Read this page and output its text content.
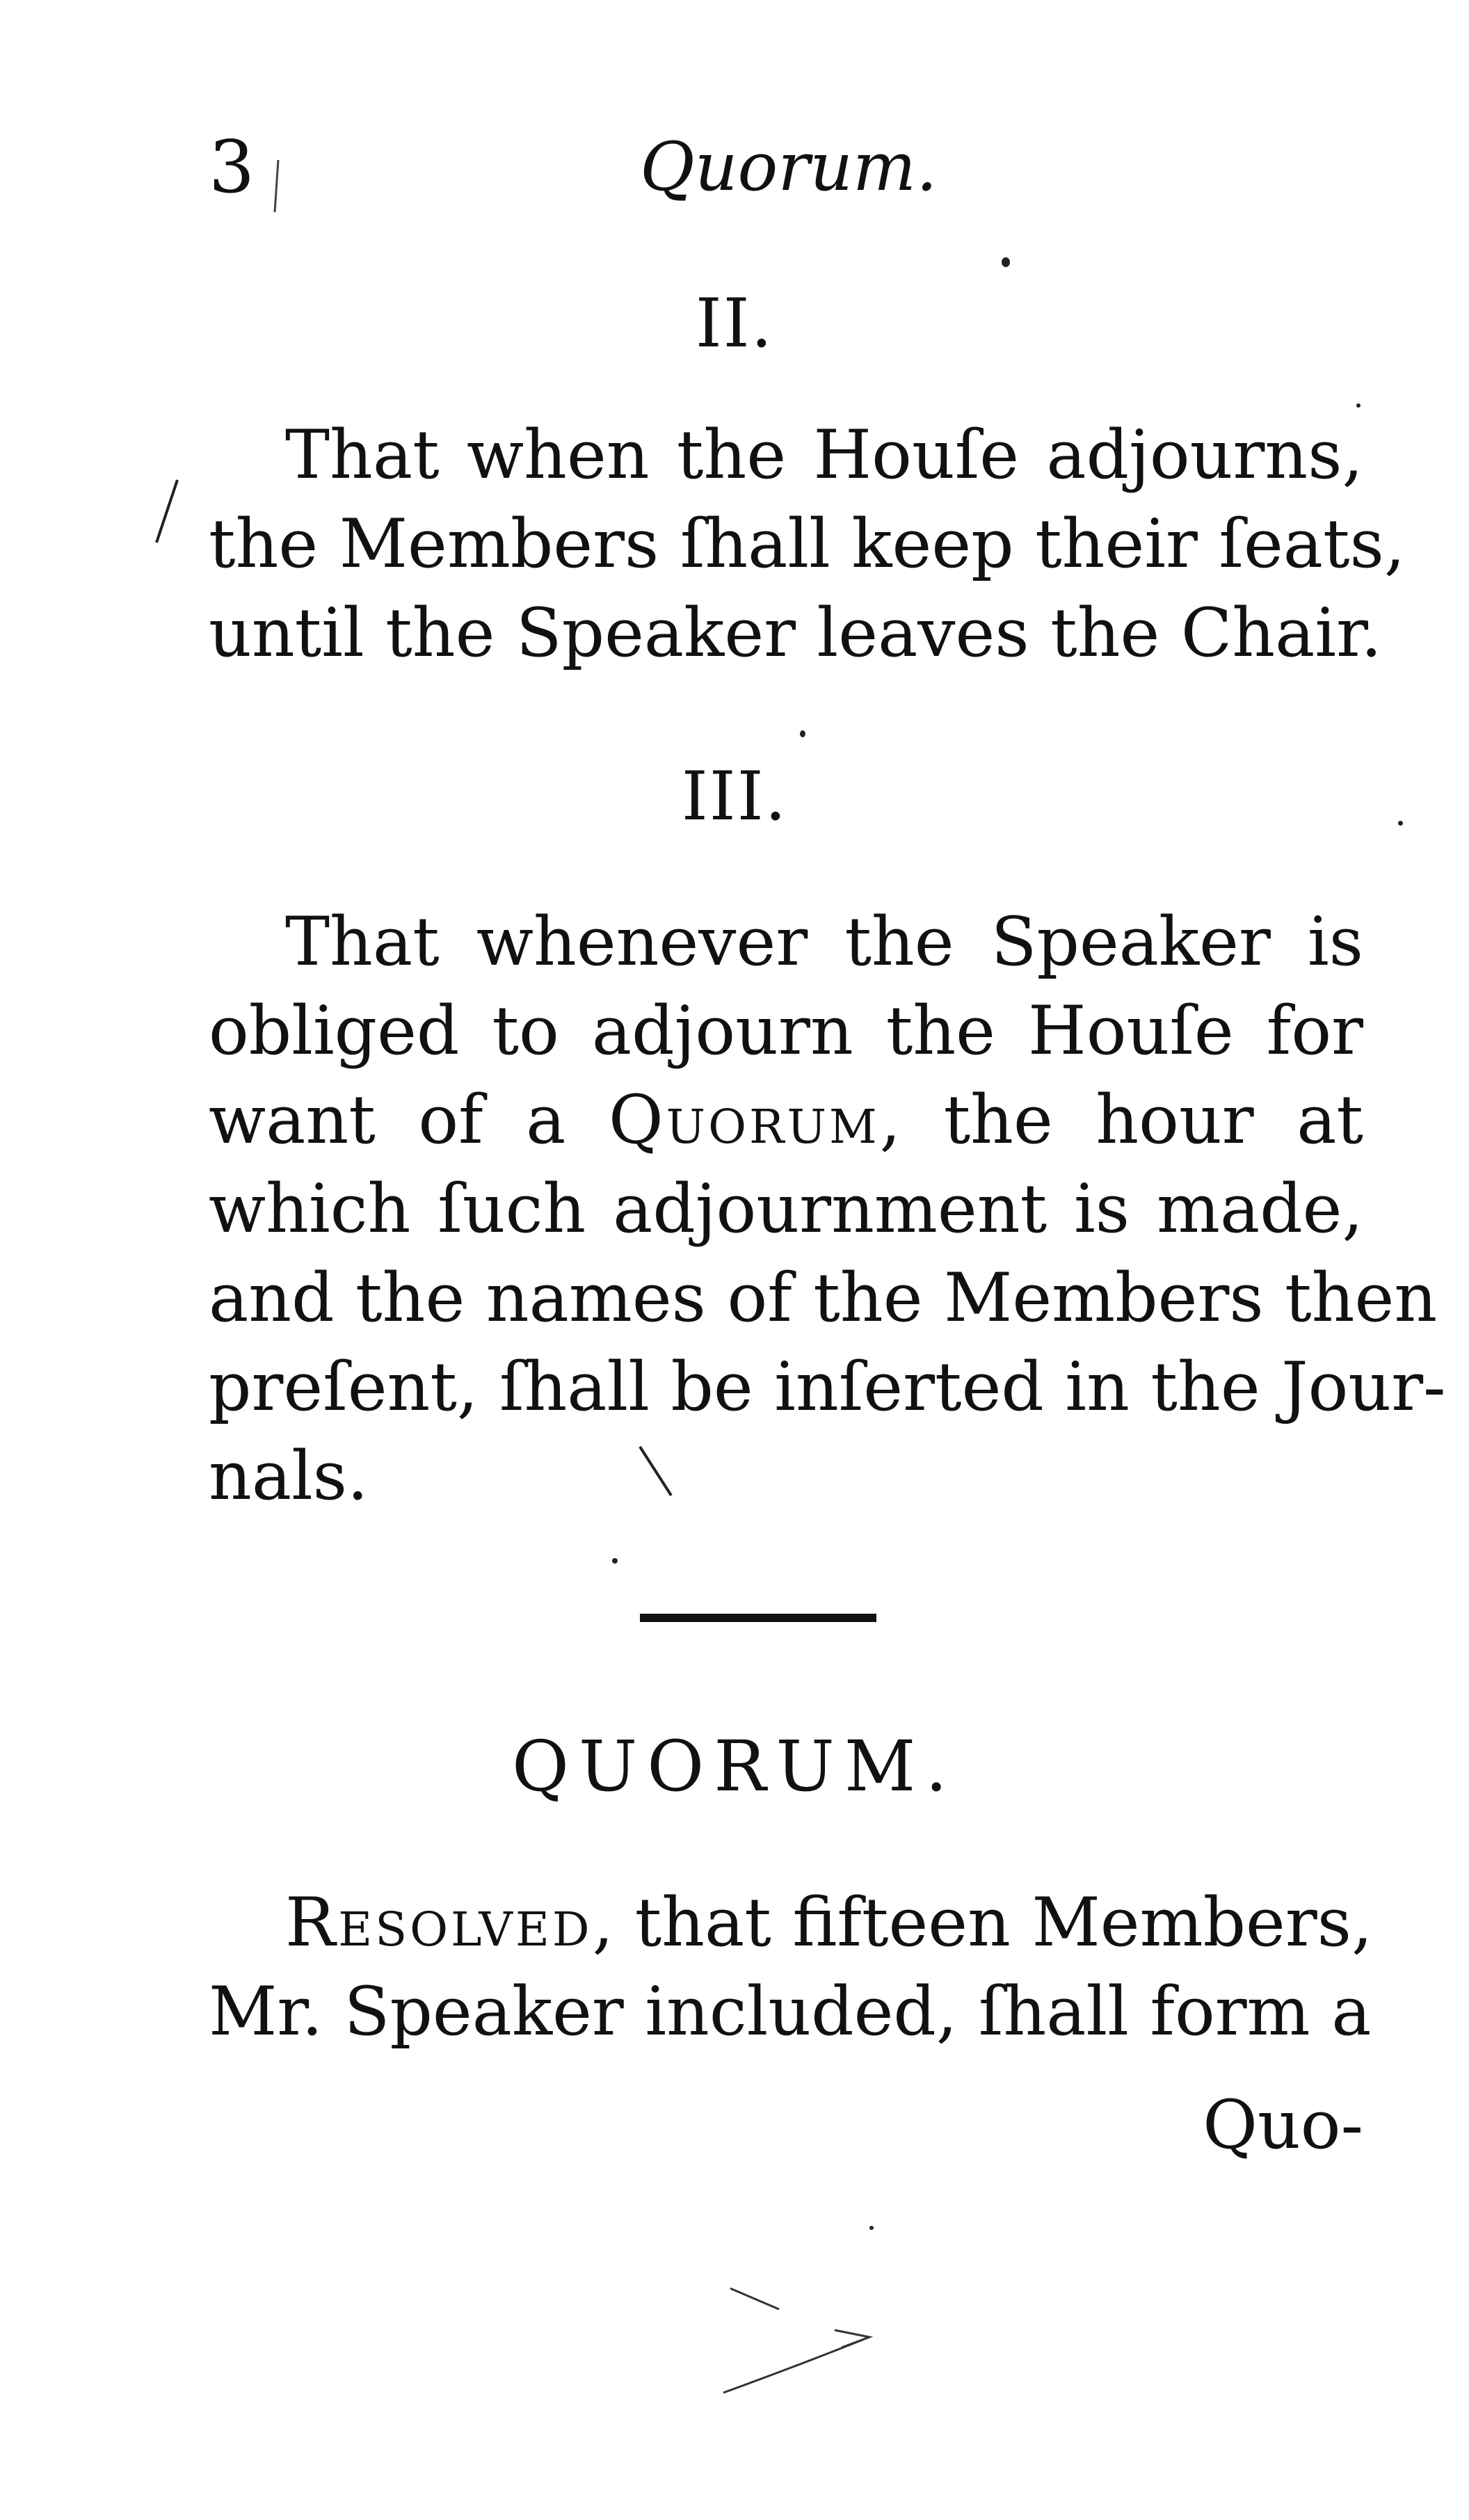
3	Quorum.
II.
That when the Houſe adjourns,
the Members ſhall keep their ſeats,
until the Speaker leaves the Chair.
III.
That whenever the Speaker is
obliged to adjourn the Houſe for
want of a Quorum, the hour at
which ſuch adjournment is made,
and the names of the Members then
preſent, ſhall be inſerted in the Jour-
nals.
QUORUM.
Resolved, that fifteen Members,
Mr. Speaker included, ſhall form a
Quo-
